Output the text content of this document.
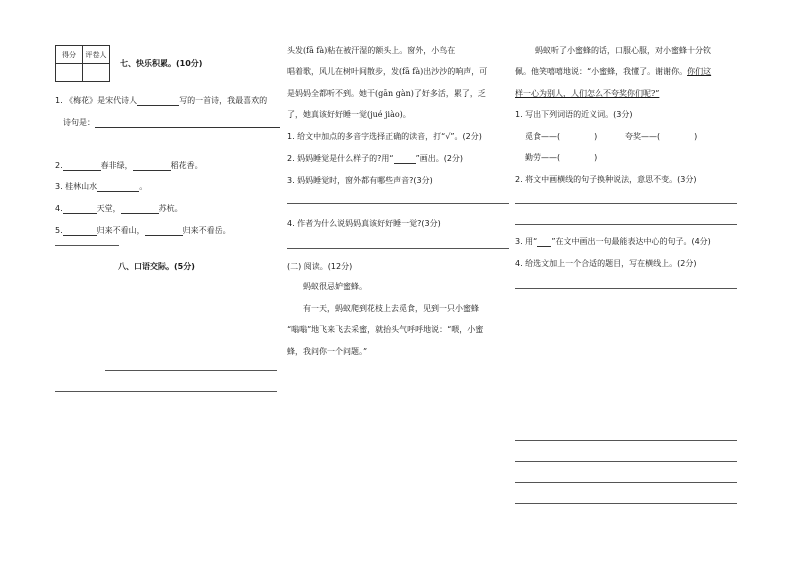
得分	评卷人

七、快乐积累。(10分)
1. 《梅花》是宋代诗人	写的一首诗，我最喜欢的
诗句是：
2.	春非绿，	稻花香。
3. 桂林山水	。
4.	天堂，	苏杭。
5.	归来不看山，	归来不看岳。
八、口语交际。(5分)
头发(fā fà)粘在被汗湿的额头上。窗外，小鸟在
唱着歌，风儿在树叶间散步，发(fā fà)出沙沙的响声，可
是妈妈全都听不到。她干(gān gàn)了好多活，累了，乏
了，她真该好好睡一觉(jué jiào)。
1. 给文中加点的多音字选择正确的读音，打“√”。(2分)
2. 妈妈睡觉是什么样子的?用“	”画出。(2分)
3. 妈妈睡觉时，窗外都有哪些声音?(3分)
4. 作者为什么说妈妈真该好好睡一觉?(3分)
(二) 阅读。(12分)
蚂蚁很忌妒蜜蜂。
有一天，蚂蚁爬到花枝上去觅食，见到一只小蜜蜂
“嗡嗡”地飞来飞去采蜜，就抬头气呼呼地说：“喂，小蜜
蜂，我问你一个问题。”
蚂蚁听了小蜜蜂的话，口服心服，对小蜜蜂十分钦
佩。他笑嘻嘻地说：“小蜜蜂，我懂了。谢谢你。你们这
样一心为别人，人们怎么不夸奖你们呢?”
1. 写出下列词语的近义词。(3分)
觅食——(	)	夸奖——(	)
勤劳——(	)
2. 将文中画横线的句子换种说法，意思不变。(3分)
3. 用“ ”在文中画出一句最能表达中心的句子。(4分)
4. 给选文加上一个合适的题目，写在横线上。(2分)
